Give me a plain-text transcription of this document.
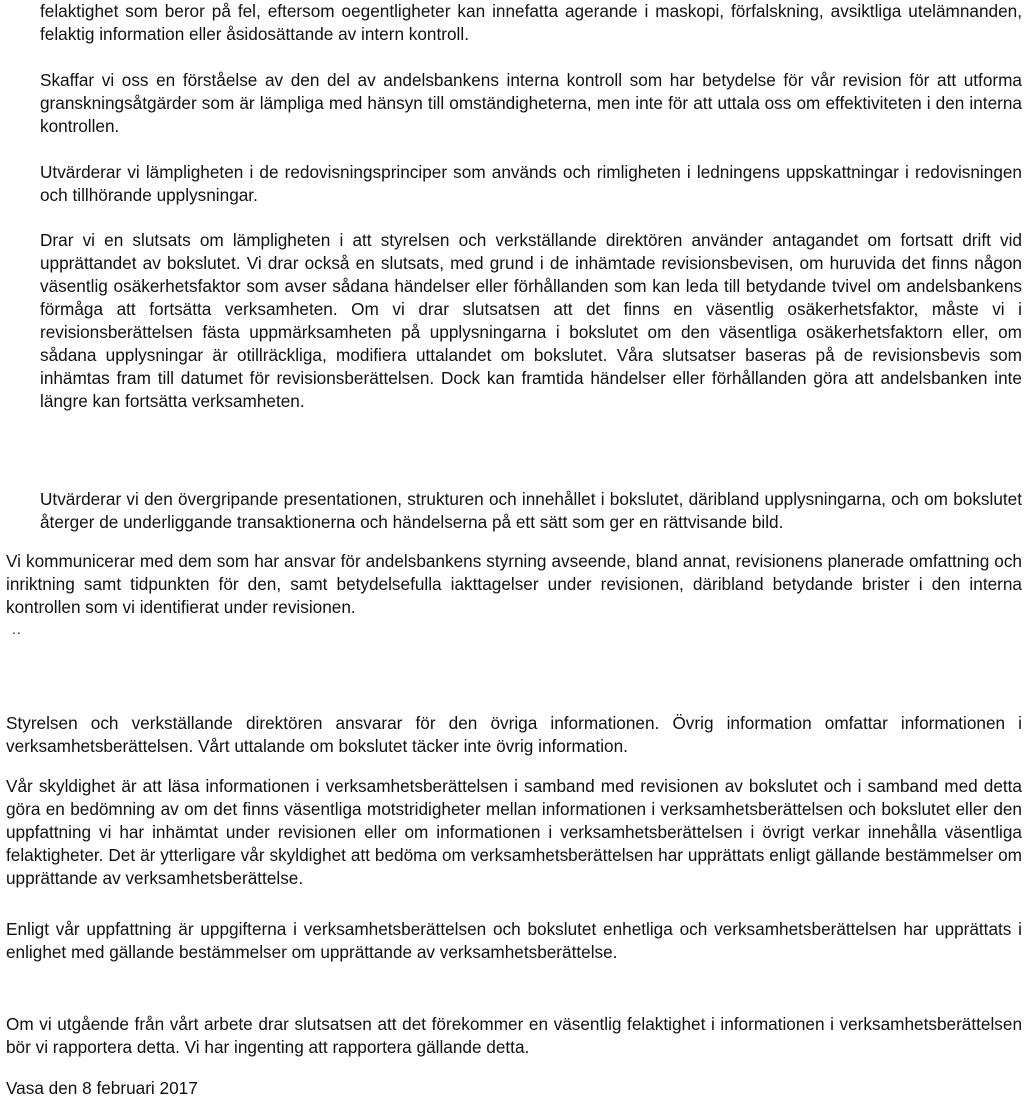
felaktighet som beror på fel, eftersom oegentligheter kan innefatta agerande i maskopi, förfalskning, avsiktliga utelämnanden, felaktig information eller åsidosättande av intern kontroll.

Skaffar vi oss en förståelse av den del av andelsbankens interna kontroll som har betydelse för vår revision för att utforma granskningsåtgärder som är lämpliga med hänsyn till omständigheterna, men inte för att uttala oss om effektiviteten i den interna kontrollen.

Utvärderar vi lämpligheten i de redovisningsprinciper som används och rimligheten i ledningens uppskattningar i redovisningen och tillhörande upplysningar.

Drar vi en slutsats om lämpligheten i att styrelsen och verkställande direktören använder antagandet om fortsatt drift vid upprättandet av bokslutet. Vi drar också en slutsats, med grund i de inhämtade revisionsbevisen, om huruvida det finns någon väsentlig osäkerhetsfaktor som avser sådana händelser eller förhållanden som kan leda till betydande tvivel om andelsbankens förmåga att fortsätta verksamheten. Om vi drar slutsatsen att det finns en väsentlig osäkerhetsfaktor, måste vi i revisionsberättelsen fästa uppmärksamheten på upplysningarna i bokslutet om den väsentliga osäkerhetsfaktorn eller, om sådana upplysningar är otillräckliga, modifiera uttalandet om bokslutet. Våra slutsatser baseras på de revisionsbevis som inhämtas fram till datumet för revisionsberättelsen. Dock kan framtida händelser eller förhållanden göra att andelsbanken inte längre kan fortsätta verksamheten.

Utvärderar vi den övergripande presentationen, strukturen och innehållet i bokslutet, däribland upplysningarna, och om bokslutet återger de underliggande transaktionerna och händelserna på ett sätt som ger en rättvisande bild.

Vi kommunicerar med dem som har ansvar för andelsbankens styrning avseende, bland annat, revisionens planerade omfattning och inriktning samt tidpunkten för den, samt betydelsefulla iakttagelser under revisionen, däribland betydande brister i den interna kontrollen som vi identifierat under revisionen.

..

Styrelsen och verkställande direktören ansvarar för den övriga informationen. Övrig information omfattar informationen i verksamhetsberättelsen. Vårt uttalande om bokslutet täcker inte övrig information.

Vår skyldighet är att läsa informationen i verksamhetsberättelsen i samband med revisionen av bokslutet och i samband med detta göra en bedömning av om det finns väsentliga motstridigheter mellan informationen i verksamhetsberättelsen och bokslutet eller den uppfattning vi har inhämtat under revisionen eller om informationen i verksamhetsberättelsen i övrigt verkar innehålla väsentliga felaktigheter. Det är ytterligare vår skyldighet att bedöma om verksamhetsberättelsen har upprättats enligt gällande bestämmelser om upprättande av verksamhetsberättelse.

Enligt vår uppfattning är uppgifterna i verksamhetsberättelsen och bokslutet enhetliga och verksamhetsberättelsen har upprättats i enlighet med gällande bestämmelser om upprättande av verksamhetsberättelse.

Om vi utgående från vårt arbete drar slutsatsen att det förekommer en väsentlig felaktighet i informationen i verksamhetsberättelsen bör vi rapportera detta. Vi har ingenting att rapportera gällande detta.

Vasa den 8 februari 2017
